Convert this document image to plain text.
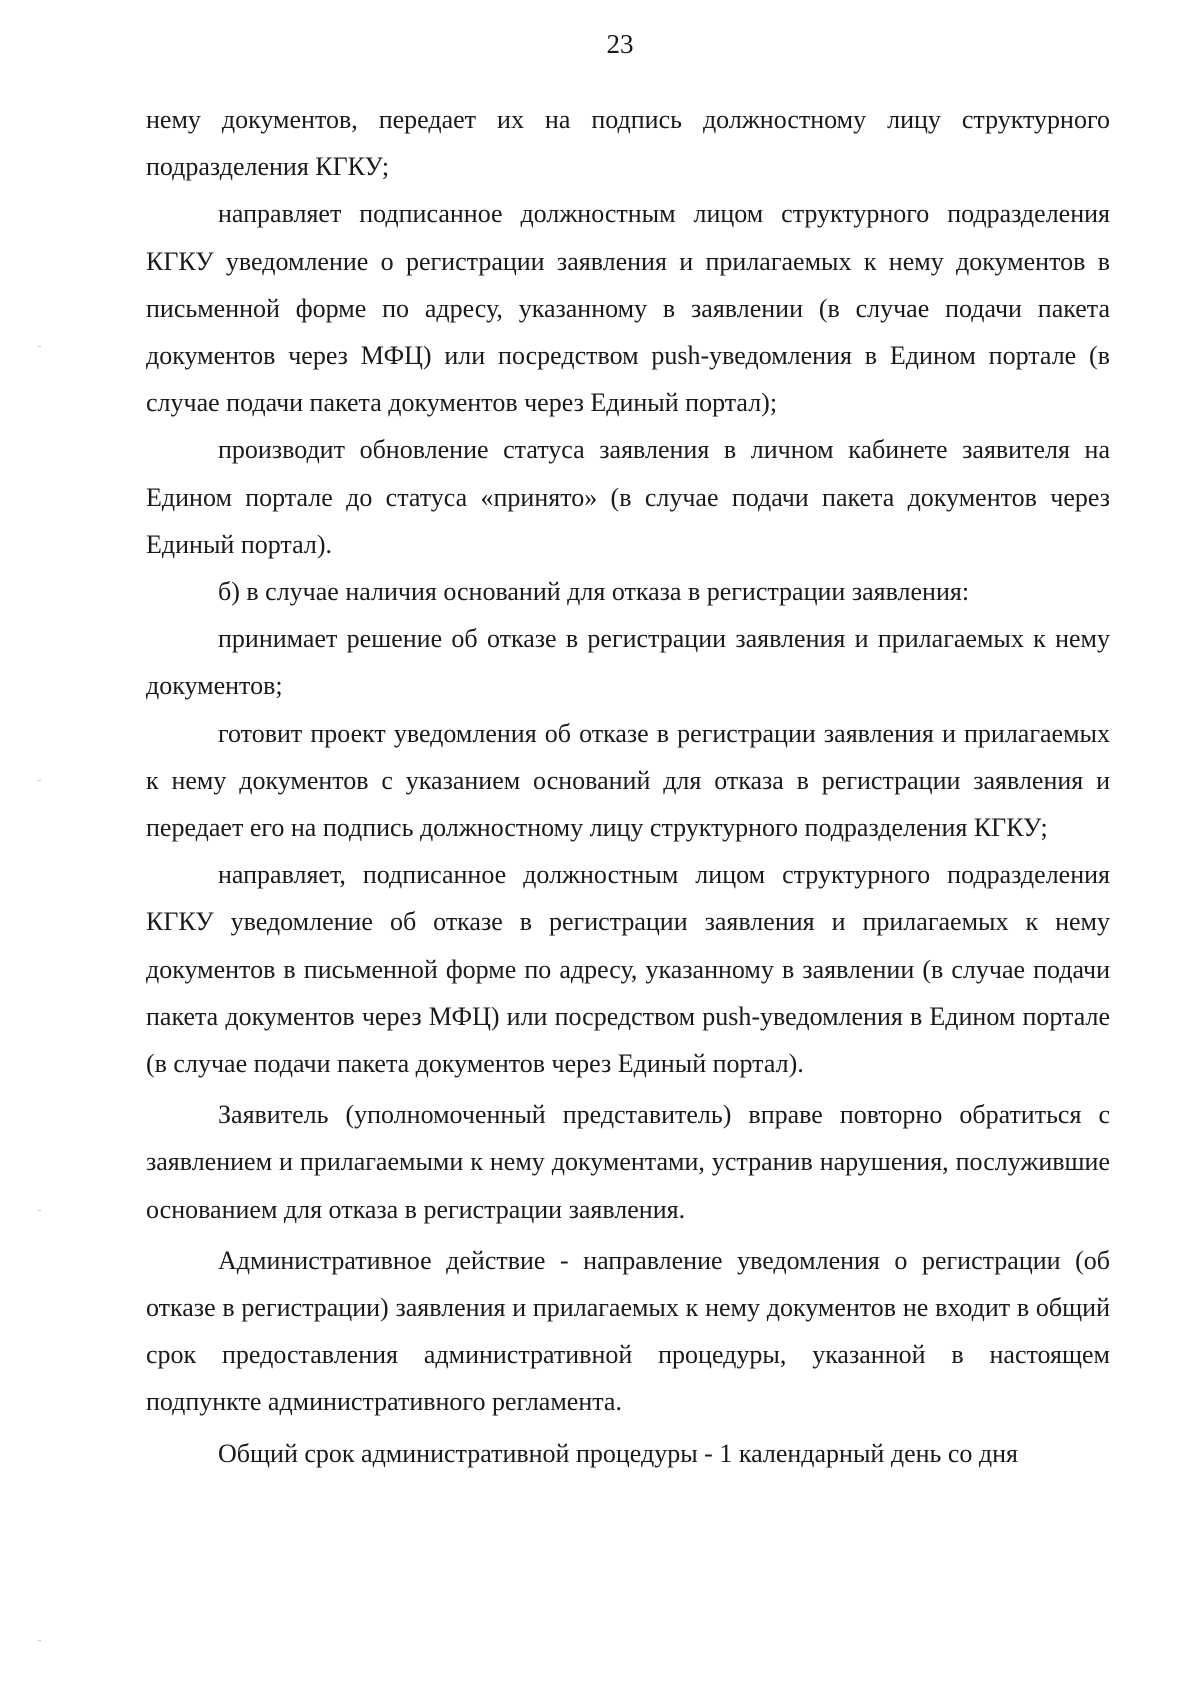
23

нему документов, передает их на подпись должностному лицу структурного подразделения КГКУ;

направляет подписанное должностным лицом структурного подразделения КГКУ уведомление о регистрации заявления и прилагаемых к нему документов в письменной форме по адресу, указанному в заявлении (в случае подачи пакета документов через МФЦ) или посредством push-уведомления в Едином портале (в случае подачи пакета документов через Единый портал);

производит обновление статуса заявления в личном кабинете заявителя на Едином портале до статуса «принято» (в случае подачи пакета документов через Единый портал).

б) в случае наличия оснований для отказа в регистрации заявления:

принимает решение об отказе в регистрации заявления и прилагаемых к нему документов;

готовит проект уведомления об отказе в регистрации заявления и прилагаемых к нему документов с указанием оснований для отказа в регистрации заявления и передает его на подпись должностному лицу структурного подразделения КГКУ;

направляет, подписанное должностным лицом структурного подразделения КГКУ уведомление об отказе в регистрации заявления и прилагаемых к нему документов в письменной форме по адресу, указанному в заявлении (в случае подачи пакета документов через МФЦ) или посредством push-уведомления в Едином портале (в случае подачи пакета документов через Единый портал).

Заявитель (уполномоченный представитель) вправе повторно обратиться с заявлением и прилагаемыми к нему документами, устранив нарушения, послужившие основанием для отказа в регистрации заявления.

Административное действие - направление уведомления о регистрации (об отказе в регистрации) заявления и прилагаемых к нему документов не входит в общий срок предоставления административной процедуры, указанной в настоящем подпункте административного регламента.

Общий срок административной процедуры - 1 календарный день со дня
